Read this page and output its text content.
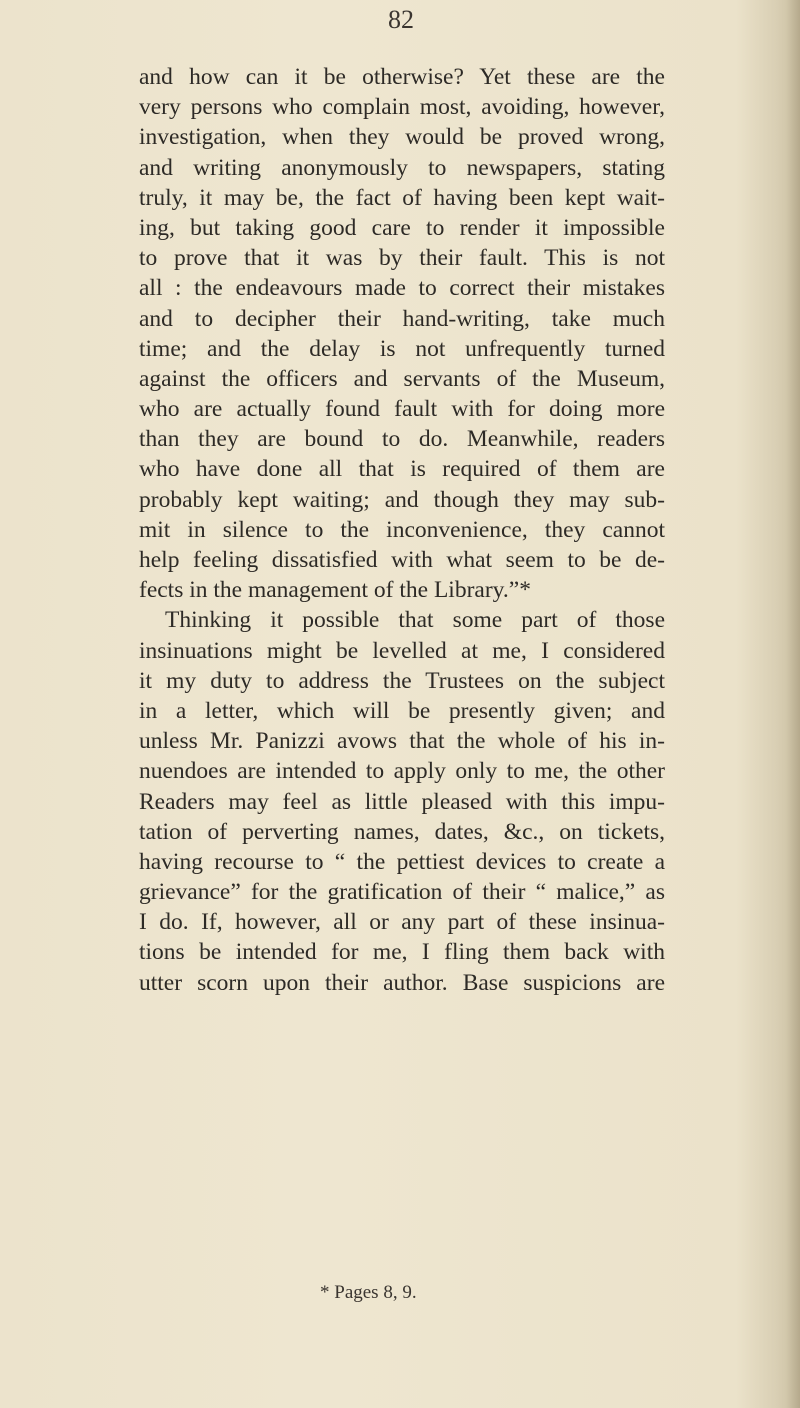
82
and how can it be otherwise? Yet these are the
very persons who complain most, avoiding, however,
investigation, when they would be proved wrong,
and writing anonymously to newspapers, stating
truly, it may be, the fact of having been kept wait-
ing, but taking good care to render it impossible
to prove that it was by their fault. This is not
all : the endeavours made to correct their mistakes
and to decipher their hand-writing, take much
time; and the delay is not unfrequently turned
against the officers and servants of the Museum,
who are actually found fault with for doing more
than they are bound to do. Meanwhile, readers
who have done all that is required of them are
probably kept waiting; and though they may sub-
mit in silence to the inconvenience, they cannot
help feeling dissatisfied with what seem to be de-
fects in the management of the Library.”*
Thinking it possible that some part of those
insinuations might be levelled at me, I considered
it my duty to address the Trustees on the subject
in a letter, which will be presently given; and
unless Mr. Panizzi avows that the whole of his in-
nuendoes are intended to apply only to me, the other
Readers may feel as little pleased with this impu-
tation of perverting names, dates, &c., on tickets,
having recourse to “ the pettiest devices to create a
grievance” for the gratification of their “ malice,” as
I do. If, however, all or any part of these insinua-
tions be intended for me, I fling them back with
utter scorn upon their author. Base suspicions are
* Pages 8, 9.
